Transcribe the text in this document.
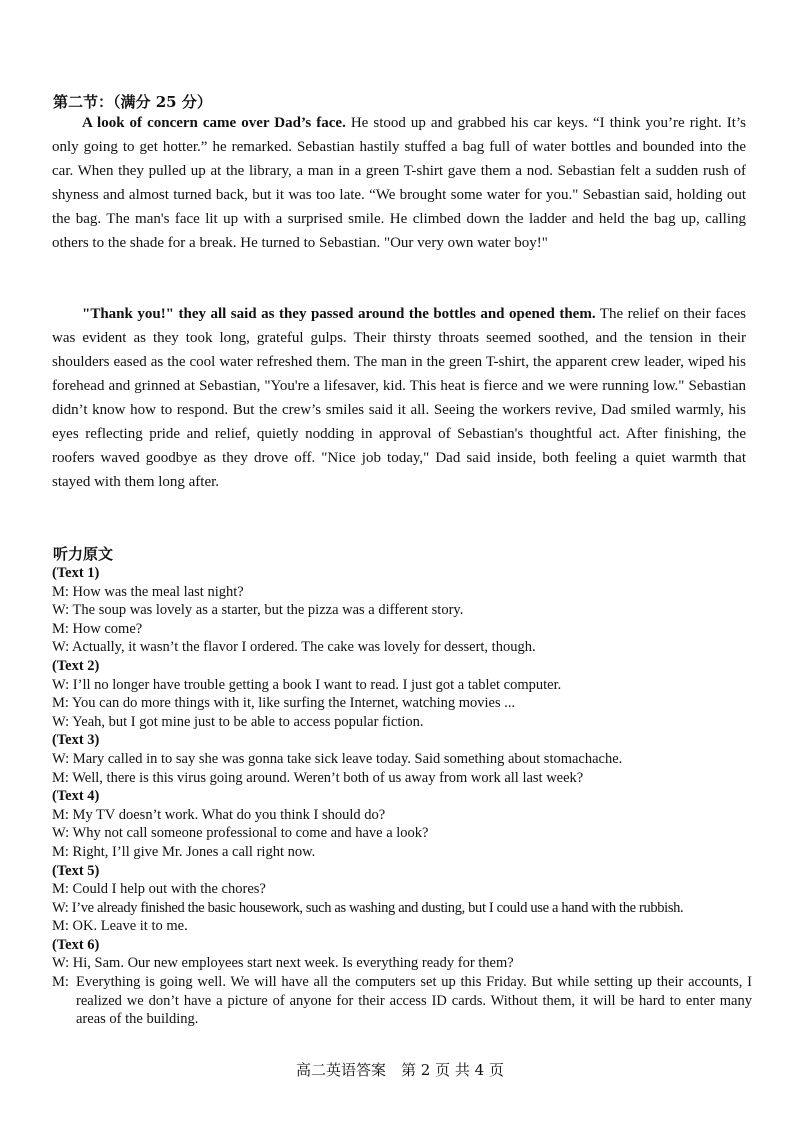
第二节：（满分 25 分）
A look of concern came over Dad’s face. He stood up and grabbed his car keys. “I think you’re right. It’s only going to get hotter.” he remarked. Sebastian hastily stuffed a bag full of water bottles and bounded into the car. When they pulled up at the library, a man in a green T-shirt gave them a nod. Sebastian felt a sudden rush of shyness and almost turned back, but it was too late. “We brought some water for you." Sebastian said, holding out the bag. The man's face lit up with a surprised smile. He climbed down the ladder and held the bag up, calling others to the shade for a break. He turned to Sebastian. "Our very own water boy!"
"Thank you!" they all said as they passed around the bottles and opened them. The relief on their faces was evident as they took long, grateful gulps. Their thirsty throats seemed soothed, and the tension in their shoulders eased as the cool water refreshed them. The man in the green T-shirt, the apparent crew leader, wiped his forehead and grinned at Sebastian, "You're a lifesaver, kid. This heat is fierce and we were running low." Sebastian didn’t know how to respond. But the crew’s smiles said it all. Seeing the workers revive, Dad smiled warmly, his eyes reflecting pride and relief, quietly nodding in approval of Sebastian's thoughtful act. After finishing, the roofers waved goodbye as they drove off. "Nice job today," Dad said inside, both feeling a quiet warmth that stayed with them long after.
听力原文
(Text 1)
M: How was the meal last night?
W: The soup was lovely as a starter, but the pizza was a different story.
M: How come?
W: Actually, it wasn’t the flavor I ordered. The cake was lovely for dessert, though.
(Text 2)
W: I’ll no longer have trouble getting a book I want to read. I just got a tablet computer.
M: You can do more things with it, like surfing the Internet, watching movies ...
W: Yeah, but I got mine just to be able to access popular fiction.
(Text 3)
W: Mary called in to say she was gonna take sick leave today. Said something about stomachache.
M: Well, there is this virus going around. Weren’t both of us away from work all last week?
(Text 4)
M: My TV doesn’t work. What do you think I should do?
W: Why not call someone professional to come and have a look?
M: Right, I’ll give Mr. Jones a call right now.
(Text 5)
M: Could I help out with the chores?
W: I’ve already finished the basic housework, such as washing and dusting, but I could use a hand with the rubbish.
M: OK. Leave it to me.
(Text 6)
W: Hi, Sam. Our new employees start next week. Is everything ready for them?
M: Everything is going well. We will have all the computers set up this Friday. But while setting up their accounts, I realized we don’t have a picture of anyone for their access ID cards. Without them, it will be hard to enter many areas of the building.
高二英语答案　第 2 页 共 4 页
